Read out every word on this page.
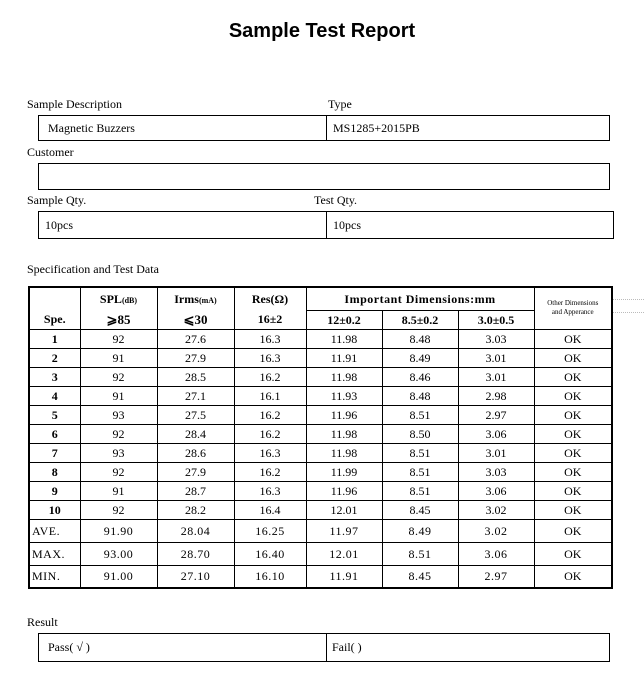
Sample Test Report
Sample Description	Type
Magnetic Buzzers	MS1285+2015PB
Customer
Sample Qty.	Test Qty.
10pcs	10pcs
Specification and Test Data
Spe.	SPL(dB)	Irms(mA)	Res(Ω)	Important Dimensions:mm			Other Dimensions
and Apperance
	⩾85	⩽30	16±2	12±0.2	8.5±0.2	3.0±0.5	
1	92	27.6	16.3	11.98	8.48	3.03	OK
2	91	27.9	16.3	11.91	8.49	3.01	OK
3	92	28.5	16.2	11.98	8.46	3.01	OK
4	91	27.1	16.1	11.93	8.48	2.98	OK
5	93	27.5	16.2	11.96	8.51	2.97	OK
6	92	28.4	16.2	11.98	8.50	3.06	OK
7	93	28.6	16.3	11.98	8.51	3.01	OK
8	92	27.9	16.2	11.99	8.51	3.03	OK
9	91	28.7	16.3	11.96	8.51	3.06	OK
10	92	28.2	16.4	12.01	8.45	3.02	OK
AVE.	91.90	28.04	16.25	11.97	8.49	3.02	OK
MAX.	93.00	28.70	16.40	12.01	8.51	3.06	OK
MIN.	91.00	27.10	16.10	11.91	8.45	2.97	OK
Result
Pass( √ )	Fail( )
